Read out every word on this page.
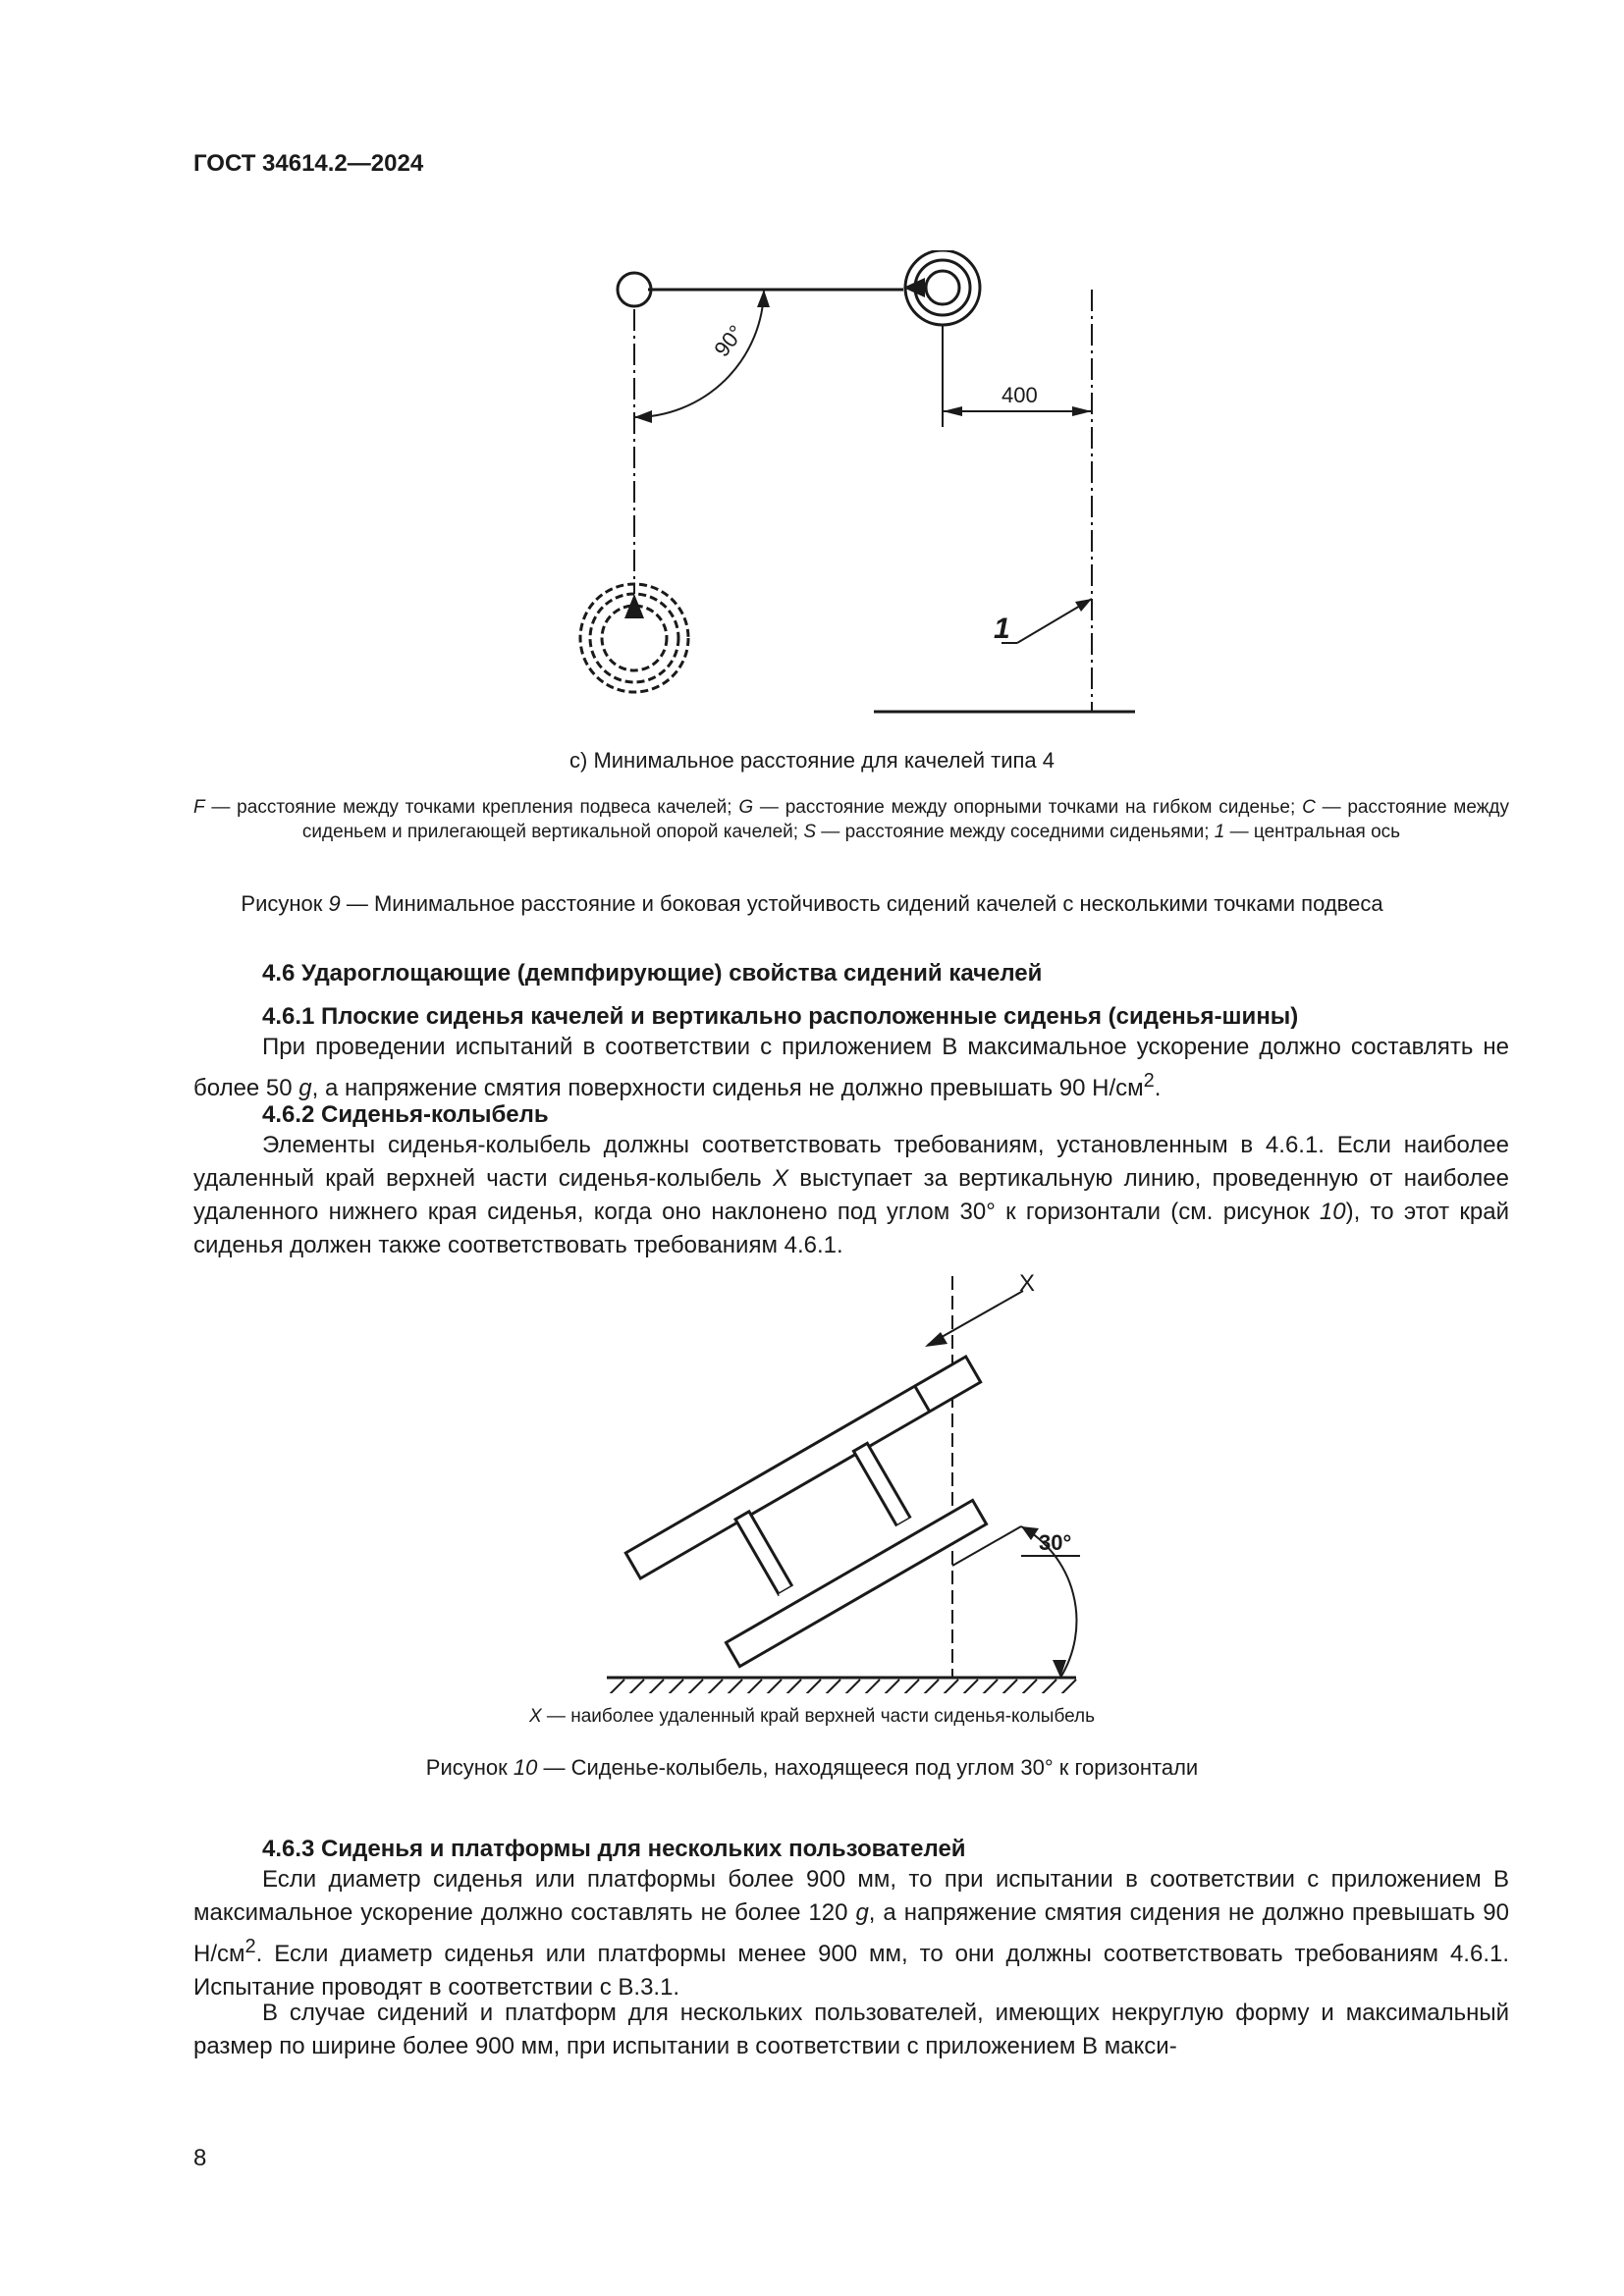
ГОСТ 34614.2—2024
90°
400
1
c) Минимальное расстояние для качелей типа 4
F — расстояние между точками крепления подвеса качелей; G — расстояние между опорными точками на гибком сиденье; C — расстояние между сиденьем и прилегающей вертикальной опорой качелей; S — расстояние между соседними сиденьями; 1 — центральная ось
Рисунок 9 — Минимальное расстояние и боковая устойчивость сидений качелей с несколькими точками подвеса
4.6 Удароглощающие (демпфирующие) свойства сидений качелей
4.6.1 Плоские сиденья качелей и вертикально расположенные сиденья (сиденья-шины)
При проведении испытаний в соответствии с приложением В максимальное ускорение должно составлять не более 50 g, а напряжение смятия поверхности сиденья не должно превышать 90 $Н/см^2$.
4.6.2 Сиденья-колыбель
Элементы сиденья-колыбель должны соответствовать требованиям, установленным в 4.6.1. Если наиболее удаленный край верхней части сиденья-колыбель X выступает за вертикальную линию, проведенную от наиболее удаленного нижнего края сиденья, когда оно наклонено под углом 30° к горизонтали (см. рисунок 10), то этот край сиденья должен также соответствовать требованиям 4.6.1.
X
30°
X — наиболее удаленный край верхней части сиденья-колыбель
Рисунок 10 — Сиденье-колыбель, находящееся под углом 30° к горизонтали
4.6.3 Сиденья и платформы для нескольких пользователей
Если диаметр сиденья или платформы более 900 мм, то при испытании в соответствии с приложением В максимальное ускорение должно составлять не более 120 g, а напряжение смятия сидения не должно превышать 90 $Н/см^2$. Если диаметр сиденья или платформы менее 900 мм, то они должны соответствовать требованиям 4.6.1. Испытание проводят в соответствии с В.3.1.
В случае сидений и платформ для нескольких пользователей, имеющих некруглую форму и максимальный размер по ширине более 900 мм, при испытании в соответствии с приложением В макси-
8
